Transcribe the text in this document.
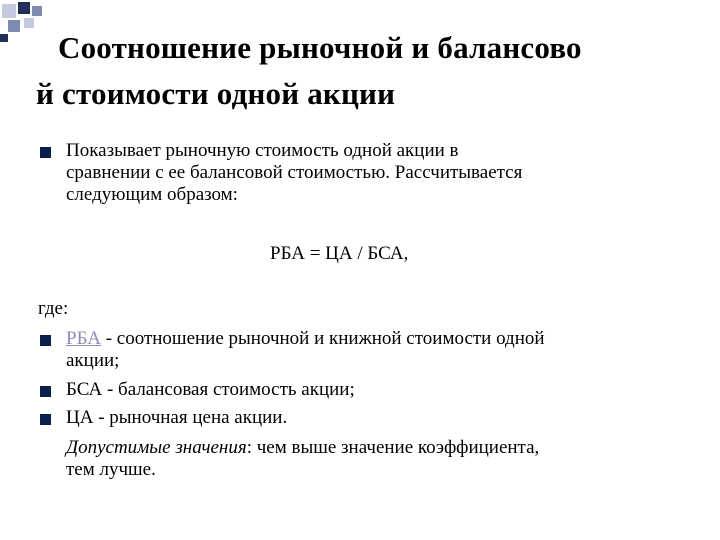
Соотношение рыночной и балансово
й стоимости одной акции
Показывает рыночную стоимость одной акции в
сравнении с ее балансовой стоимостью. Рассчитывается
следующим образом:
РБА = ЦА / БСА,
где:
РБА - соотношение рыночной и книжной стоимости одной
акции;
БСА - балансовая стоимость акции;
ЦА - рыночная цена акции.
Допустимые значения: чем выше значение коэффициента,
тем лучше.
